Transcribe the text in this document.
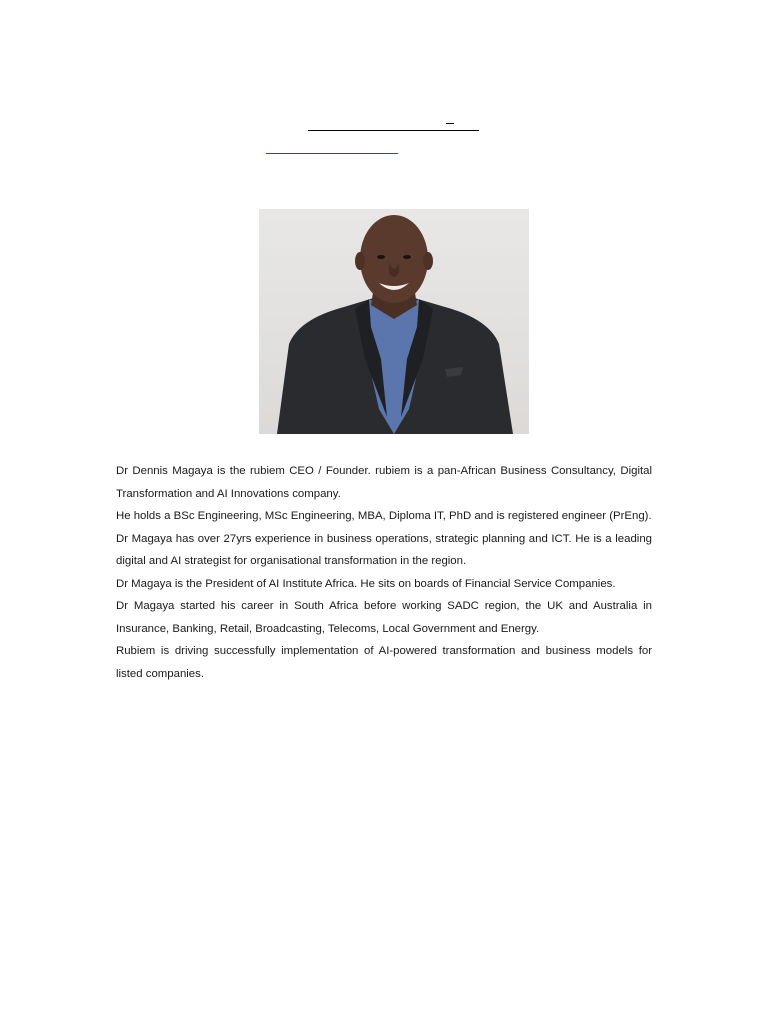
Dr Dennis Magaya is the rubiem CEO / Founder. rubiem is a pan-African Business Consultancy, Digital Transformation and AI Innovations company.

He holds a BSc Engineering, MSc Engineering, MBA, Diploma IT, PhD and is registered engineer (PrEng).

Dr Magaya has over 27yrs experience in business operations, strategic planning and ICT. He is a leading digital and AI strategist for organisational transformation in the region.

Dr Magaya is the President of AI Institute Africa. He sits on boards of Financial Service Companies.

Dr Magaya started his career in South Africa before working SADC region, the UK and Australia in Insurance, Banking, Retail, Broadcasting, Telecoms, Local Government and Energy.

Rubiem is driving successfully implementation of AI-powered transformation and business models for listed companies.
